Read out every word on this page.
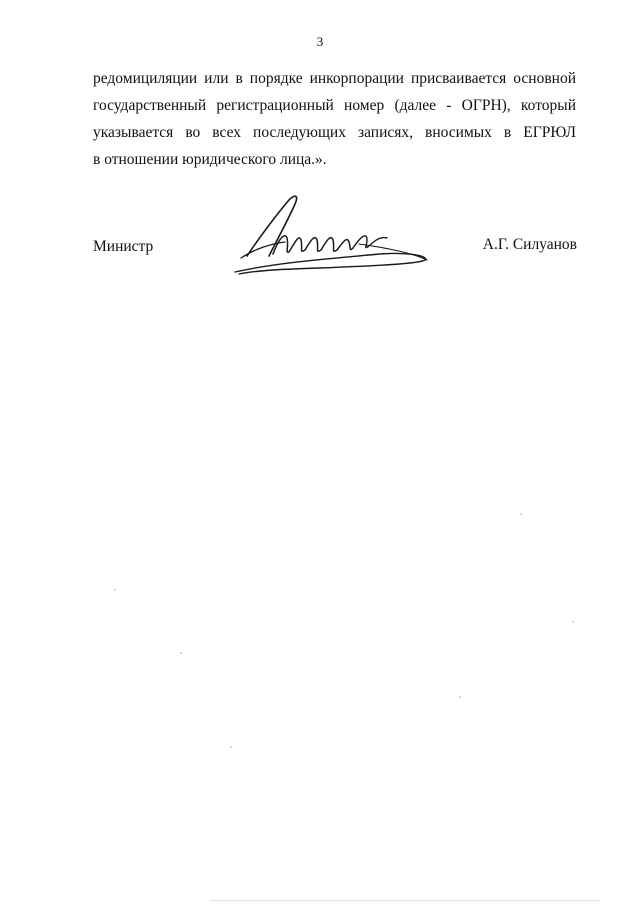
3
редомициляции или в порядке инкорпорации присваивается основной
государственный регистрационный номер (далее - ОГРН), который
указывается во всех последующих записях, вносимых в ЕГРЮЛ
в отношении юридического лица.».
Министр	А.Г. Силуанов
